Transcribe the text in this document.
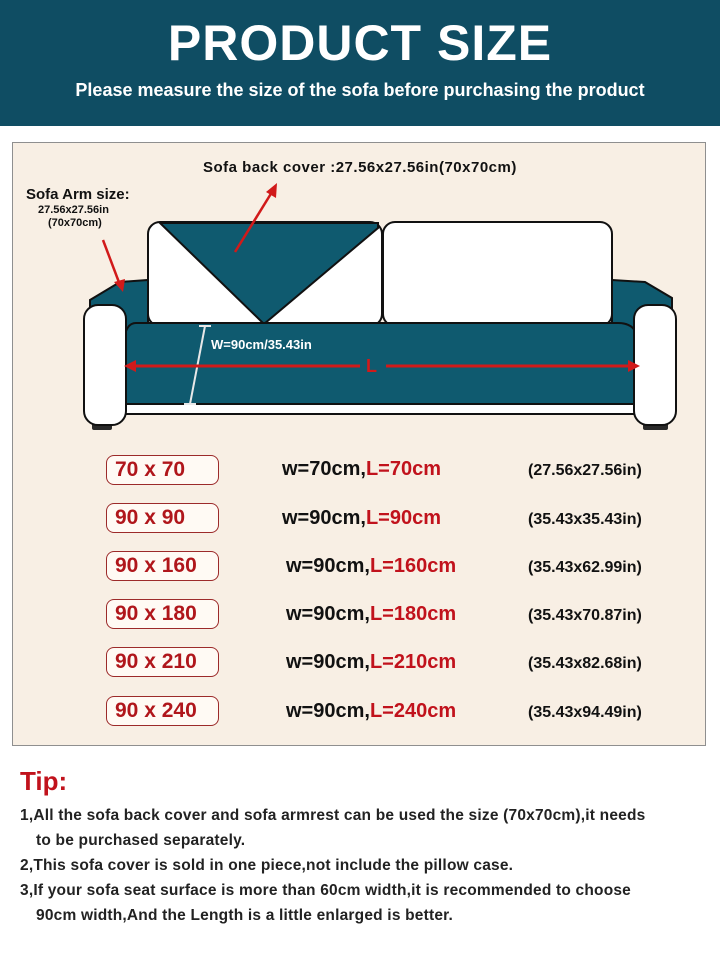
PRODUCT SIZE
Please measure the size of the sofa before purchasing the product
W=90cm/35.43in
L
Sofa back cover :27.56x27.56in(70x70cm)
Sofa Arm size:
27.56x27.56in
(70x70cm)
70 x 70	w=70cm,L=70cm	(27.56x27.56in)
90 x 90	w=90cm,L=90cm	(35.43x35.43in)
90 x 160	w=90cm,L=160cm	(35.43x62.99in)
90 x 180	w=90cm,L=180cm	(35.43x70.87in)
90 x 210	w=90cm,L=210cm	(35.43x82.68in)
90 x 240	w=90cm,L=240cm	(35.43x94.49in)
Tip:
1,All the sofa back cover and sofa armrest can be used the size (70x70cm),it needs
to be purchased separately.
2,This sofa cover is sold in one piece,not include the pillow case.
3,If your sofa seat surface is more than 60cm width,it is recommended to choose
90cm width,And the Length is a little enlarged is better.
